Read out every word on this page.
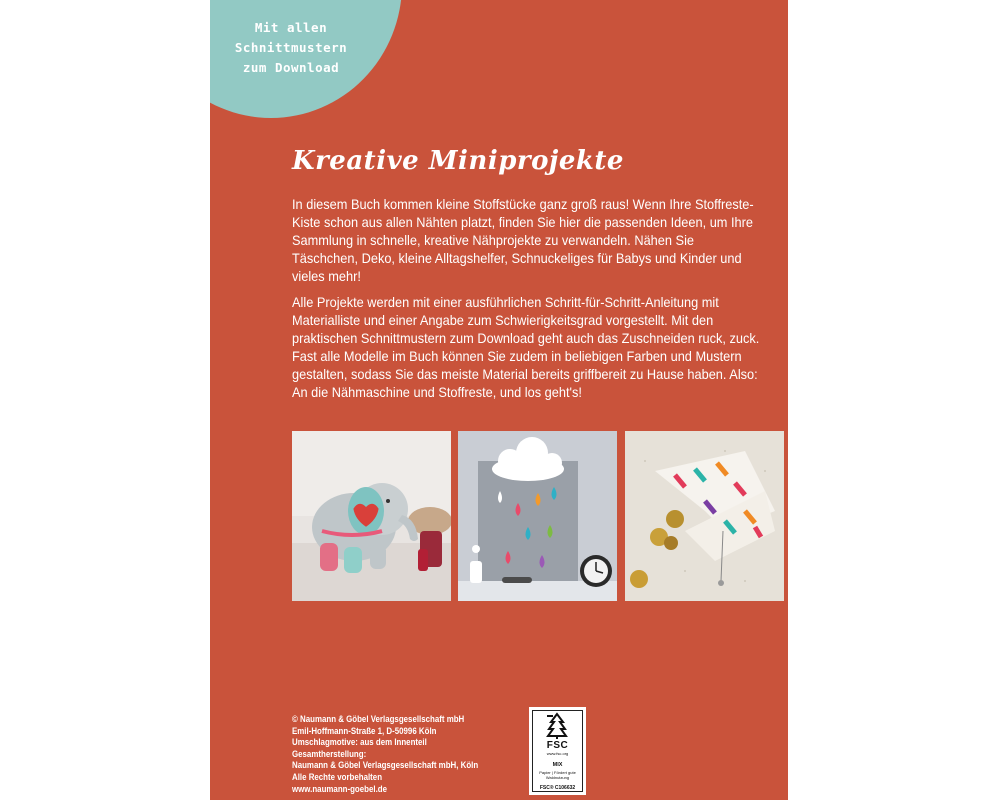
Mit allen
Schnittmustern
zum Download
Kreative Miniprojekte

In diesem Buch kommen kleine Stoffstücke ganz groß raus! Wenn Ihre Stoffreste-Kiste schon aus allen Nähten platzt, finden Sie hier die passenden Ideen, um Ihre Sammlung in schnelle, kreative Nähprojekte zu verwandeln. Nähen Sie Täschchen, Deko, kleine Alltagshelfer, Schnuckeliges für Babys und Kinder und vieles mehr!

Alle Projekte werden mit einer ausführlichen Schritt-für-Schritt-Anleitung mit Materialliste und einer Angabe zum Schwierigkeitsgrad vorgestellt. Mit den praktischen Schnittmustern zum Download geht auch das Zuschneiden ruck, zuck. Fast alle Modelle im Buch können Sie zudem in beliebigen Farben und Mustern gestalten, sodass Sie das meiste Material bereits griffbereit zu Hause haben. Also: An die Nähmaschine und Stoffreste, und los geht's!

© Naumann & Göbel Verlagsgesellschaft mbH
Emil-Hoffmann-Straße 1, D-50996 Köln
Umschlagmotive: aus dem Innenteil
Gesamtherstellung:
Naumann & Göbel Verlagsgesellschaft mbH, Köln
Alle Rechte vorbehalten
www.naumann-goebel.de
FSC
www.fsc.org
MIX
Papier | Fördert gute Waldnutzung
FSC® C106632
